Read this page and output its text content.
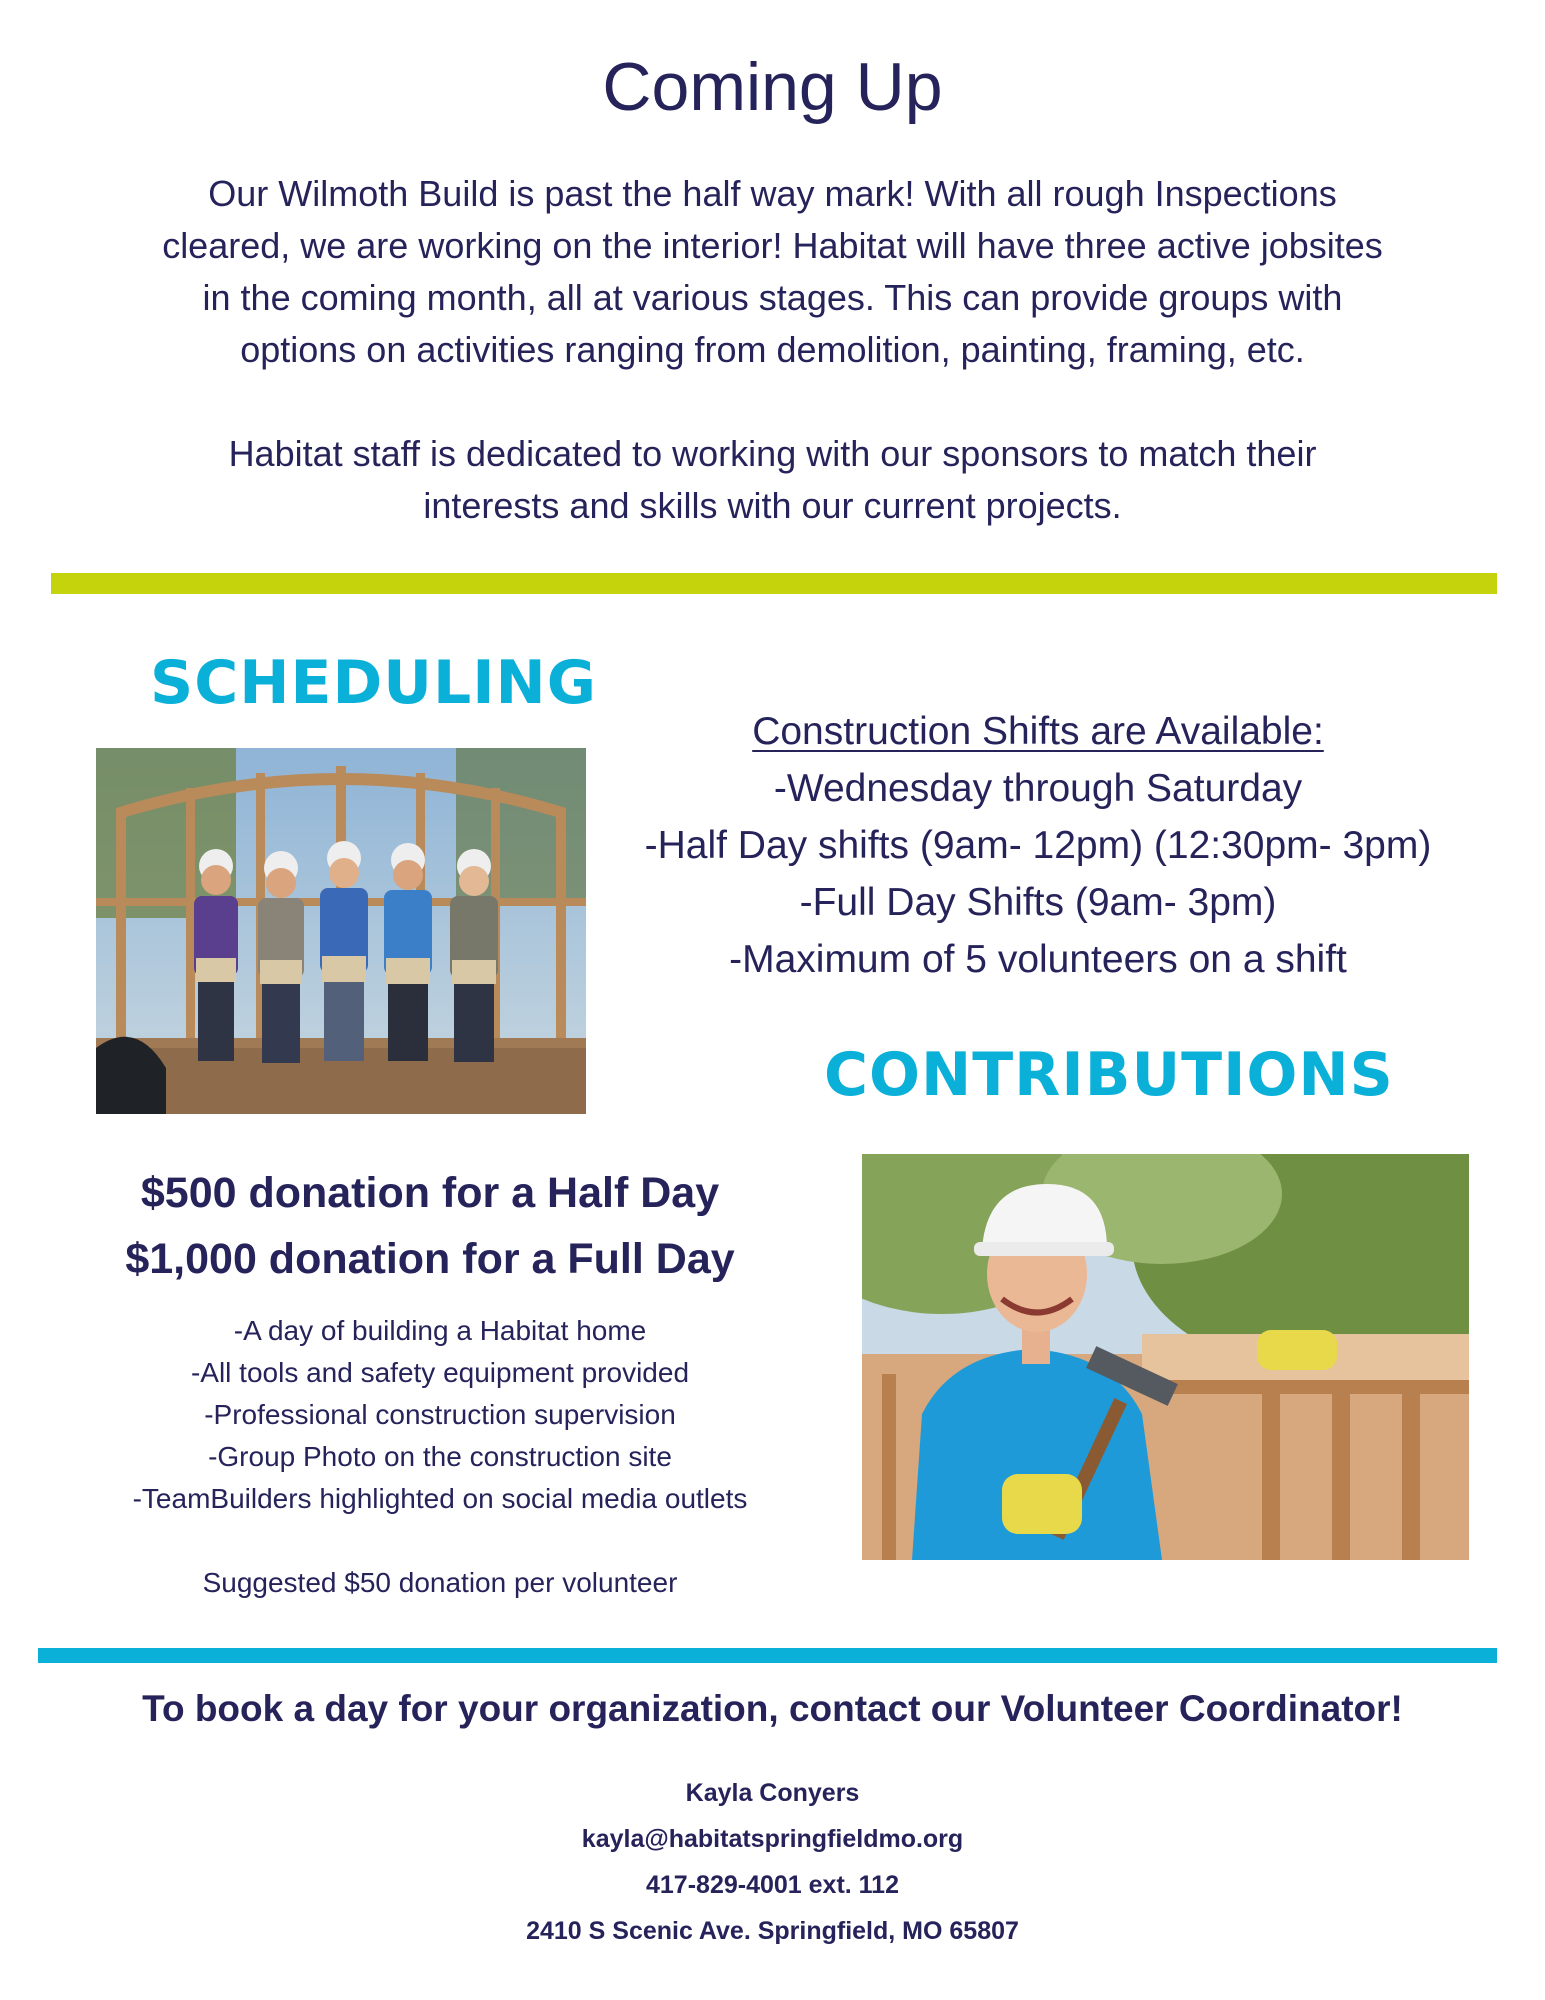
Coming Up
Our Wilmoth Build is past the half way mark! With all rough Inspections
cleared, we are working on the interior! Habitat will have three active jobsites
in the coming month, all at various stages. This can provide groups with
options on activities ranging from demolition, painting, framing, etc.
Habitat staff is dedicated to working with our sponsors to match their
interests and skills with our current projects.
SCHEDULING
Construction Shifts are Available:
-Wednesday through Saturday
-Half Day shifts (9am- 12pm) (12:30pm- 3pm)
-Full Day Shifts (9am- 3pm)
-Maximum of 5 volunteers on a shift
CONTRIBUTIONS
$500 donation for a Half Day
$1,000 donation for a Full Day
-A day of building a Habitat home
-All tools and safety equipment provided
-Professional construction supervision
-Group Photo on the construction site
-TeamBuilders highlighted on social media outlets
Suggested $50 donation per volunteer
To book a day for your organization, contact our Volunteer Coordinator!
Kayla Conyers
kayla@habitatspringfieldmo.org
417-829-4001 ext. 112
2410 S Scenic Ave. Springfield, MO 65807
